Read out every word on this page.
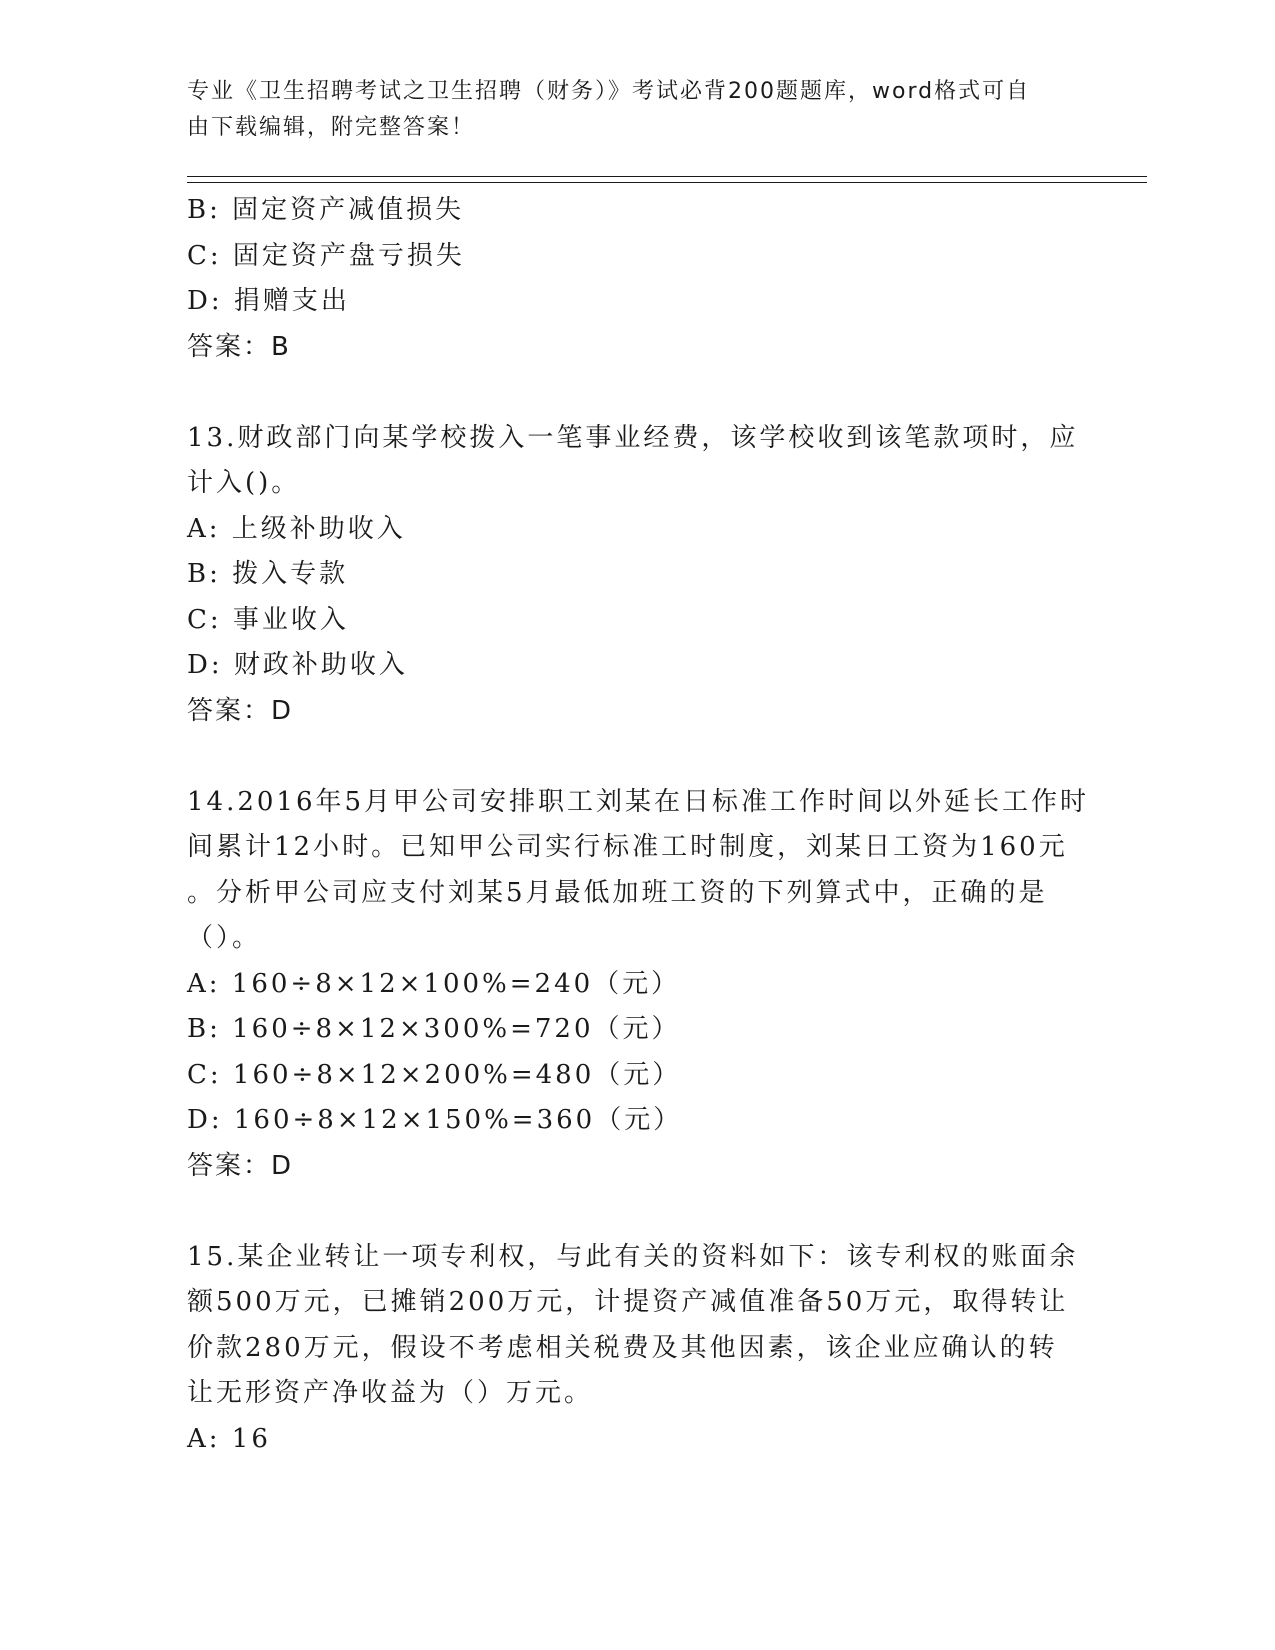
专业《卫生招聘考试之卫生招聘（财务）》考试必背200题题库，word格式可自
由下载编辑，附完整答案！
B: 固定资产减值损失
C: 固定资产盘亏损失
D: 捐赠支出
答案：B
13.财政部门向某学校拨入一笔事业经费，该学校收到该笔款项时，应
计入()。
A: 上级补助收入
B: 拨入专款
C: 事业收入
D: 财政补助收入
答案：D
14.2016年5月甲公司安排职工刘某在日标准工作时间以外延长工作时
间累计12小时。已知甲公司实行标准工时制度，刘某日工资为160元
。分析甲公司应支付刘某5月最低加班工资的下列算式中，正确的是
（）。
A: 160÷8×12×100%=240（元）
B: 160÷8×12×300%=720（元）
C: 160÷8×12×200%=480（元）
D: 160÷8×12×150%=360（元）
答案：D
15.某企业转让一项专利权，与此有关的资料如下：该专利权的账面余
额500万元，已摊销200万元，计提资产减值准备50万元，取得转让
价款280万元，假设不考虑相关税费及其他因素，该企业应确认的转
让无形资产净收益为（）万元。
A: 16
